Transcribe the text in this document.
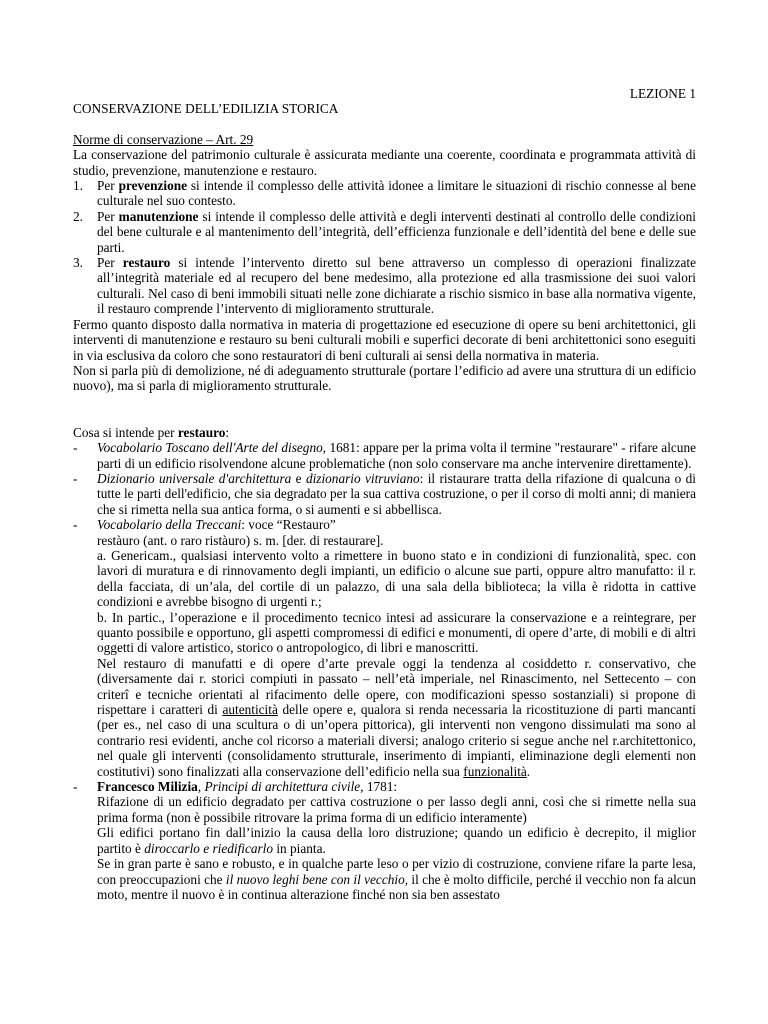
LEZIONE 1

CONSERVAZIONE DELL’EDILIZIA STORICA

Norme di conservazione – Art. 29

La conservazione del patrimonio culturale è assicurata mediante una coerente, coordinata e programmata attività di studio, prevenzione, manutenzione e restauro.

1. Per prevenzione si intende il complesso delle attività idonee a limitare le situazioni di rischio connesse al bene culturale nel suo contesto.
2. Per manutenzione si intende il complesso delle attività e degli interventi destinati al controllo delle condizioni del bene culturale e al mantenimento dell’integrità, dell’efficienza funzionale e dell’identità del bene e delle sue parti.
3. Per restauro si intende l’intervento diretto sul bene attraverso un complesso di operazioni finalizzate all’integrità materiale ed al recupero del bene medesimo, alla protezione ed alla trasmissione dei suoi valori culturali. Nel caso di beni immobili situati nelle zone dichiarate a rischio sismico in base alla normativa vigente, il restauro comprende l’intervento di miglioramento strutturale.

Fermo quanto disposto dalla normativa in materia di progettazione ed esecuzione di opere su beni architettonici, gli interventi di manutenzione e restauro su beni culturali mobili e superfici decorate di beni architettonici sono eseguiti in via esclusiva da coloro che sono restauratori di beni culturali ai sensi della normativa in materia.

Non si parla più di demolizione, né di adeguamento strutturale (portare l’edificio ad avere una struttura di un edificio nuovo), ma si parla di miglioramento strutturale.

Cosa si intende per restauro:

- Vocabolario Toscano dell'Arte del disegno, 1681: appare per la prima volta il termine "restaurare" - rifare alcune parti di un edificio risolvendone alcune problematiche (non solo conservare ma anche intervenire direttamente).
- Dizionario universale d'architettura e dizionario vitruviano: il ristaurare tratta della rifazione di qualcuna o di tutte le parti dell'edificio, che sia degradato per la sua cattiva costruzione, o per il corso di molti anni; di maniera che si rimetta nella sua antica forma, o si aumenti e si abbellisca.
- Vocabolario della Treccani: voce “Restauro”

restàuro (ant. o raro ristàuro) s. m. [der. di restaurare].

a. Genericam., qualsiasi intervento volto a rimettere in buono stato e in condizioni di funzionalità, spec. con lavori di muratura e di rinnovamento degli impianti, un edificio o alcune sue parti, oppure altro manufatto: il r. della facciata, di un’ala, del cortile di un palazzo, di una sala della biblioteca; la villa è ridotta in cattive condizioni e avrebbe bisogno di urgenti r.;

b. In partic., l’operazione e il procedimento tecnico intesi ad assicurare la conservazione e a reintegrare, per quanto possibile e opportuno, gli aspetti compromessi di edifici e monumenti, di opere d’arte, di mobili e di altri oggetti di valore artistico, storico o antropologico, di libri e manoscritti.

Nel restauro di manufatti e di opere d’arte prevale oggi la tendenza al cosiddetto r. conservativo, che (diversamente dai r. storici compiuti in passato – nell’età imperiale, nel Rinascimento, nel Settecento – con criterî e tecniche orientati al rifacimento delle opere, con modificazioni spesso sostanziali) si propone di rispettare i caratteri di autenticità delle opere e, qualora si renda necessaria la ricostituzione di parti mancanti (per es., nel caso di una scultura o di un’opera pittorica), gli interventi non vengono dissimulati ma sono al contrario resi evidenti, anche col ricorso a materiali diversi; analogo criterio si segue anche nel r.architettonico, nel quale gli interventi (consolidamento strutturale, inserimento di impianti, eliminazione degli elementi non costitutivi) sono finalizzati alla conservazione dell’edificio nella sua funzionalità.

- Francesco Milizia, Principi di architettura civile, 1781:

Rifazione di un edificio degradato per cattiva costruzione o per lasso degli anni, così che si rimette nella sua prima forma (non è possibile ritrovare la prima forma di un edificio interamente)

Gli edifici portano fin dall’inizio la causa della loro distruzione; quando un edificio è decrepito, il miglior partito è diroccarlo e riedificarlo in pianta.

Se in gran parte è sano e robusto, e in qualche parte leso o per vizio di costruzione, conviene rifare la parte lesa, con preoccupazioni che il nuovo leghi bene con il vecchio, il che è molto difficile, perché il vecchio non fa alcun moto, mentre il nuovo è in continua alterazione finché non sia ben assestato
